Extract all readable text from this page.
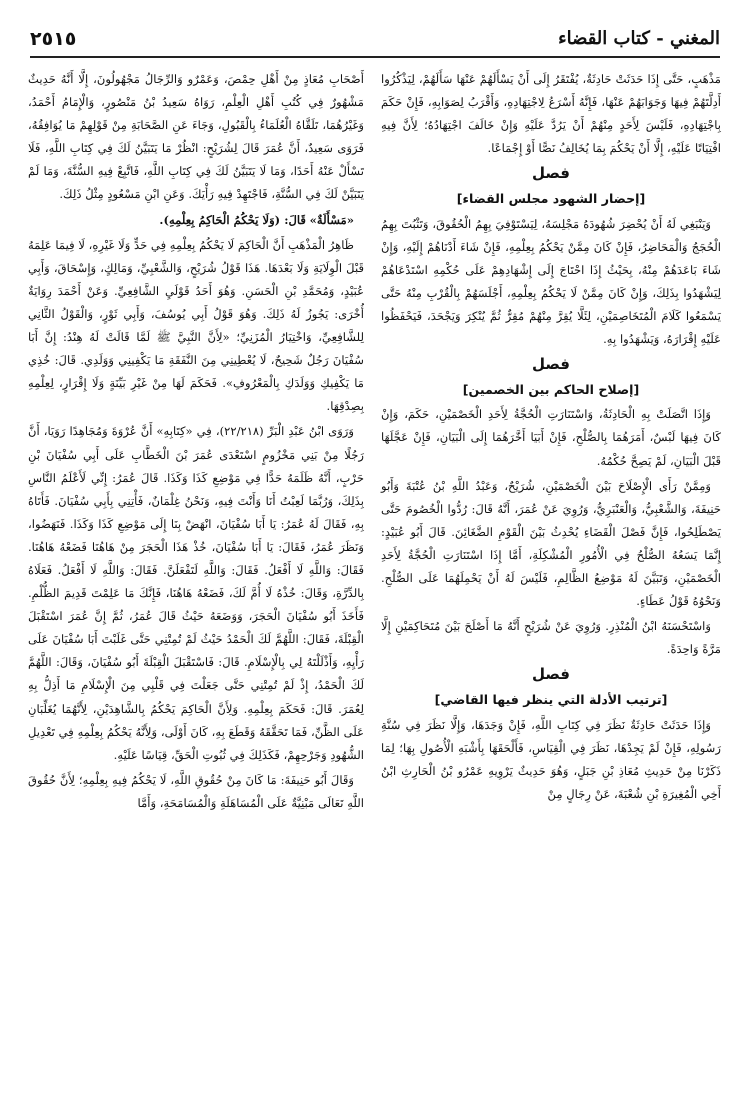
٢٥١٥	المغني - كتاب القضاء

مَذْهَبٍ، حَتَّى إِذَا حَدَثَتْ حَادِثَةٌ، يُفْتَقَرُ إِلَى أَنْ يَسْأَلَهُمْ عَنْهَا سَأَلَهُمْ، لِيَذْكُرُوا أَدِلَّتَهُمْ فِيهَا وَجَوَابَهُمْ عَنْهَا، فَإِنَّهُ أَسْرَعُ لِاجْتِهَادِهِ، وَأَقْرَبُ لِصَوَابِهِ، فَإِنْ حَكَمَ بِاجْتِهَادِهِ، فَلَيْسَ لِأَحَدٍ مِنْهُمْ أَنْ يَرُدَّ عَلَيْهِ وَإِنْ خَالَفَ اجْتِهَادُهُ؛ لِأَنَّ فِيهِ افْتِيَاتًا عَلَيْهِ، إِلَّا أَنْ يَحْكُمَ بِمَا يُخَالِفُ نَصًّا أَوْ إِجْمَاعًا.

فصل

[إحضار الشهود مجلس القضاء]

وَيَنْبَغِي لَهُ أَنْ يُحْضِرَ شُهُودَهُ مَجْلِسَهُ، لِيَسْتَوْفِيَ بِهِمُ الْحُقُوقَ، وَتَثْبُتَ بِهِمُ الْحُجَجُ وَالْمَحَاضِرُ، فَإِنْ كَانَ مِمَّنْ يَحْكُمُ بِعِلْمِهِ، فَإِنْ شَاءَ أَدْنَاهُمْ إِلَيْهِ، وَإِنْ شَاءَ بَاعَدَهُمْ مِنْهُ، بِحَيْثُ إِذَا احْتَاجَ إِلَى إِشْهَادِهِمْ عَلَى حُكْمِهِ اسْتَدْعَاهُمْ لِيَشْهَدُوا بِذَلِكَ، وَإِنْ كَانَ مِمَّنْ لَا يَحْكُمُ بِعِلْمِهِ، أَجْلَسَهُمْ بِالْقُرْبِ مِنْهُ حَتَّى يَسْمَعُوا كَلَامَ الْمُتَخَاصِمَيْنِ، لِئَلَّا يُقِرَّ مِنْهُمْ مُقِرٌّ ثُمَّ يُنْكِرَ وَيَجْحَدَ، فَيَحْفَظُوا عَلَيْهِ إِقْرَارَهُ، وَيَشْهَدُوا بِهِ.

فصل

[إصلاح الحاكم بين الخصمين]

وَإِذَا اتَّصَلَتْ بِهِ الْحَادِثَةُ، وَاسْتَنَارَتِ الْحُجَّةُ لِأَحَدِ الْخَصْمَيْنِ، حَكَمَ، وَإِنْ كَانَ فِيهَا لَبْسٌ، أَمَرَهُمَا بِالصُّلْحِ، فَإِنْ أَبَيَا أَخَّرَهُمَا إِلَى الْبَيَانِ، فَإِنْ عَجَّلَهَا قَبْلَ الْبَيَانِ، لَمْ يَصِحَّ حُكْمُهُ.

وَمِمَّنْ رَأَى الْإِصْلَاحَ بَيْنَ الْخَصْمَيْنِ، شُرَيْحٌ، وَعَبْدُ اللَّهِ بْنُ عُتْبَةَ وَأَبُو حَنِيفَةَ، وَالشَّعْبِيُّ، وَالْعَنْبَرِيُّ، وَرُوِيَ عَنْ عُمَرَ، أَنَّهُ قَالَ: رُدُّوا الْخُصُومَ حَتَّى يَصْطَلِحُوا، فَإِنَّ فَصْلَ الْقَضَاءِ يُحْدِثُ بَيْنَ الْقَوْمِ الضَّغَائِنَ. قَالَ أَبُو عُبَيْدٍ: إِنَّمَا يَسَعُهُ الصُّلْحُ فِي الْأُمُورِ الْمُشْكِلَةِ، أَمَّا إِذَا اسْتَنَارَتِ الْحُجَّةُ لِأَحَدِ الْخَصْمَيْنِ، وَتَبَيَّنَ لَهُ مَوْضِعُ الظَّالِمِ، فَلَيْسَ لَهُ أَنْ يَحْمِلَهُمَا عَلَى الصُّلْحِ. وَنَحْوُهُ قَوْلُ عَطَاءٍ.

وَاسْتَحْسَنَهُ ابْنُ الْمُنْذِرِ. وَرُوِيَ عَنْ شُرَيْحٍ أَنَّهُ مَا أَصْلَحَ بَيْنَ مُتَحَاكِمَيْنِ إِلَّا مَرَّةً وَاحِدَةً.

فصل

[ترتيب الأدلة التي ينظر فيها القاضي]

وَإِذَا حَدَثَتْ حَادِثَةٌ نَظَرَ فِي كِتَابِ اللَّهِ، فَإِنْ وَجَدَهَا، وَإِلَّا نَظَرَ فِي سُنَّةِ رَسُولِهِ، فَإِنْ لَمْ يَجِدْهَا، نَظَرَ فِي الْقِيَاسِ، فَأَلْحَقَهَا بِأَشْبَهِ الْأُصُولِ بِهَا؛ لِمَا ذَكَرْنَا مِنْ حَدِيثِ مُعَاذِ بْنِ جَبَلٍ، وَهُوَ حَدِيثٌ يَرْوِيهِ عَمْرُو بْنُ الْحَارِثِ ابْنُ أَخِي الْمُغِيرَةِ بْنِ شُعْبَةَ، عَنْ رِجَالٍ مِنْ

أَصْحَابِ مُعَاذٍ مِنْ أَهْلِ حِمْصَ، وَعَمْرٌو وَالرِّجَالُ مَجْهُولُونَ، إِلَّا أَنَّهُ حَدِيثٌ مَشْهُورٌ فِي كُتُبِ أَهْلِ الْعِلْمِ، رَوَاهُ سَعِيدُ بْنُ مَنْصُورٍ، وَالْإِمَامُ أَحْمَدُ، وَغَيْرُهُمَا، تَلَقَّاهُ الْعُلَمَاءُ بِالْقَبُولِ، وَجَاءَ عَنِ الصَّحَابَةِ مِنْ قَوْلِهِمْ مَا يُوَافِقُهُ، فَرَوَى سَعِيدٌ، أَنَّ عُمَرَ قَالَ لِشُرَيْحٍ: انْظُرْ مَا يَتَبَيَّنُ لَكَ فِي كِتَابِ اللَّهِ، فَلَا تَسْأَلْ عَنْهُ أَحَدًا، وَمَا لَا يَتَبَيَّنُ لَكَ فِي كِتَابِ اللَّهِ، فَاتَّبِعْ فِيهِ السُّنَّةَ، وَمَا لَمْ يَتَبَيَّنْ لَكَ فِي السُّنَّةِ، فَاجْتَهِدْ فِيهِ رَأْيَكَ. وَعَنِ ابْنِ مَسْعُودٍ مِثْلُ ذَلِكَ.

«مَسْأَلَةٌ» قَالَ: (وَلَا يَحْكُمُ الْحَاكِمُ بِعِلْمِهِ).

ظَاهِرُ الْمَذْهَبِ أَنَّ الْحَاكِمَ لَا يَحْكُمُ بِعِلْمِهِ فِي حَدٍّ وَلَا غَيْرِهِ، لَا فِيمَا عَلِمَهُ قَبْلَ الْوِلَايَةِ وَلَا بَعْدَهَا. هَذَا قَوْلُ شُرَيْحٍ، وَالشَّعْبِيِّ، وَمَالِكٍ، وَإِسْحَاقَ، وَأَبِي عُبَيْدٍ، وَمُحَمَّدِ بْنِ الْحَسَنِ. وَهُوَ أَحَدُ قَوْلَيِ الشَّافِعِيِّ. وَعَنْ أَحْمَدَ رِوَايَةٌ أُخْرَى: يَجُوزُ لَهُ ذَلِكَ. وَهُوَ قَوْلُ أَبِي يُوسُفَ، وَأَبِي ثَوْرٍ، وَالْقَوْلُ الثَّانِي لِلشَّافِعِيِّ، وَاخْتِيَارُ الْمُزَنِيِّ؛ «لِأَنَّ النَّبِيَّ ﷺ لَمَّا قَالَتْ لَهُ هِنْدُ: إِنَّ أَبَا سُفْيَانَ رَجُلٌ شَحِيحٌ، لَا يُعْطِينِي مِنَ النَّفَقَةِ مَا يَكْفِينِي وَوَلَدِي. قَالَ: خُذِي مَا يَكْفِيكِ وَوَلَدَكِ بِالْمَعْرُوفِ». فَحَكَمَ لَهَا مِنْ غَيْرِ بَيِّنَةٍ وَلَا إِقْرَارٍ، لِعِلْمِهِ بِصِدْقِهَا.

وَرَوَى ابْنُ عَبْدِ الْبَرِّ (٢٢/٢١٨)، فِي «كِتَابِهِ» أَنَّ عُرْوَةَ وَمُجَاهِدًا رَوَيَا، أَنَّ رَجُلًا مِنْ بَنِي مَخْزُومٍ اسْتَعْدَى عُمَرَ بْنَ الْخَطَّابِ عَلَى أَبِي سُفْيَانَ بْنِ حَرْبٍ، أَنَّهُ ظَلَمَهُ حَدًّا فِي مَوْضِعِ كَذَا وَكَذَا. قَالَ عُمَرُ: إِنِّي لَأَعْلَمُ النَّاسِ بِذَلِكَ، وَرُبَّمَا لَعِبْتُ أَنَا وَأَنْتَ فِيهِ، وَنَحْنُ غِلْمَانٌ، فَأْتِنِي بِأَبِي سُفْيَانَ. فَأَتَاهُ بِهِ، فَقَالَ لَهُ عُمَرُ: يَا أَبَا سُفْيَانَ، انْهَضْ بِنَا إِلَى مَوْضِعِ كَذَا وَكَذَا. فَنَهَضُوا، وَنَظَرَ عُمَرُ، فَقَالَ: يَا أَبَا سُفْيَانَ، خُذْ هَذَا الْحَجَرَ مِنْ هَاهُنَا فَضَعْهُ هَاهُنَا. فَقَالَ: وَاللَّهِ لَا أَفْعَلُ. فَقَالَ: وَاللَّهِ لَتَفْعَلَنَّ. فَقَالَ: وَاللَّهِ لَا أَفْعَلُ. فَعَلَاهُ بِالدِّرَّةِ، وَقَالَ: خُذْهُ لَا أُمَّ لَكَ، فَضَعْهُ هَاهُنَا، فَإِنَّكَ مَا عَلِمْتَ قَدِيمَ الظُّلْمِ. فَأَخَذَ أَبُو سُفْيَانَ الْحَجَرَ، وَوَضَعَهُ حَيْثُ قَالَ عُمَرُ، ثُمَّ إِنَّ عُمَرَ اسْتَقْبَلَ الْقِبْلَةَ، فَقَالَ: اللَّهُمَّ لَكَ الْحَمْدُ حَيْثُ لَمْ تُمِتْنِي حَتَّى غَلَبْتَ أَبَا سُفْيَانَ عَلَى رَأْيِهِ، وَأَذْلَلْتَهُ لِي بِالْإِسْلَامِ. قَالَ: فَاسْتَقْبَلَ الْقِبْلَةَ أَبُو سُفْيَانَ، وَقَالَ: اللَّهُمَّ لَكَ الْحَمْدُ، إِذْ لَمْ تُمِتْنِي حَتَّى جَعَلْتَ فِي قَلْبِي مِنَ الْإِسْلَامِ مَا أَذِلُّ بِهِ لِعُمَرَ. قَالَ: فَحَكَمَ بِعِلْمِهِ. وَلِأَنَّ الْحَاكِمَ يَحْكُمُ بِالشَّاهِدَيْنِ، لِأَنَّهُمَا يُغَلِّبَانِ عَلَى الظَّنِّ، فَمَا تَحَقَّقَهُ وَقَطَعَ بِهِ، كَانَ أَوْلَى، وَلِأَنَّهُ يَحْكُمُ بِعِلْمِهِ فِي تَعْدِيلِ الشُّهُودِ وَجَرْحِهِمْ، فَكَذَلِكَ فِي ثُبُوتِ الْحَقِّ، قِيَاسًا عَلَيْهِ.

وَقَالَ أَبُو حَنِيفَةَ: مَا كَانَ مِنْ حُقُوقِ اللَّهِ، لَا يَحْكُمُ فِيهِ بِعِلْمِهِ؛ لِأَنَّ حُقُوقَ اللَّهِ تَعَالَى مَبْنِيَّةٌ عَلَى الْمُسَاهَلَةِ وَالْمُسَامَحَةِ، وَأَمَّا
